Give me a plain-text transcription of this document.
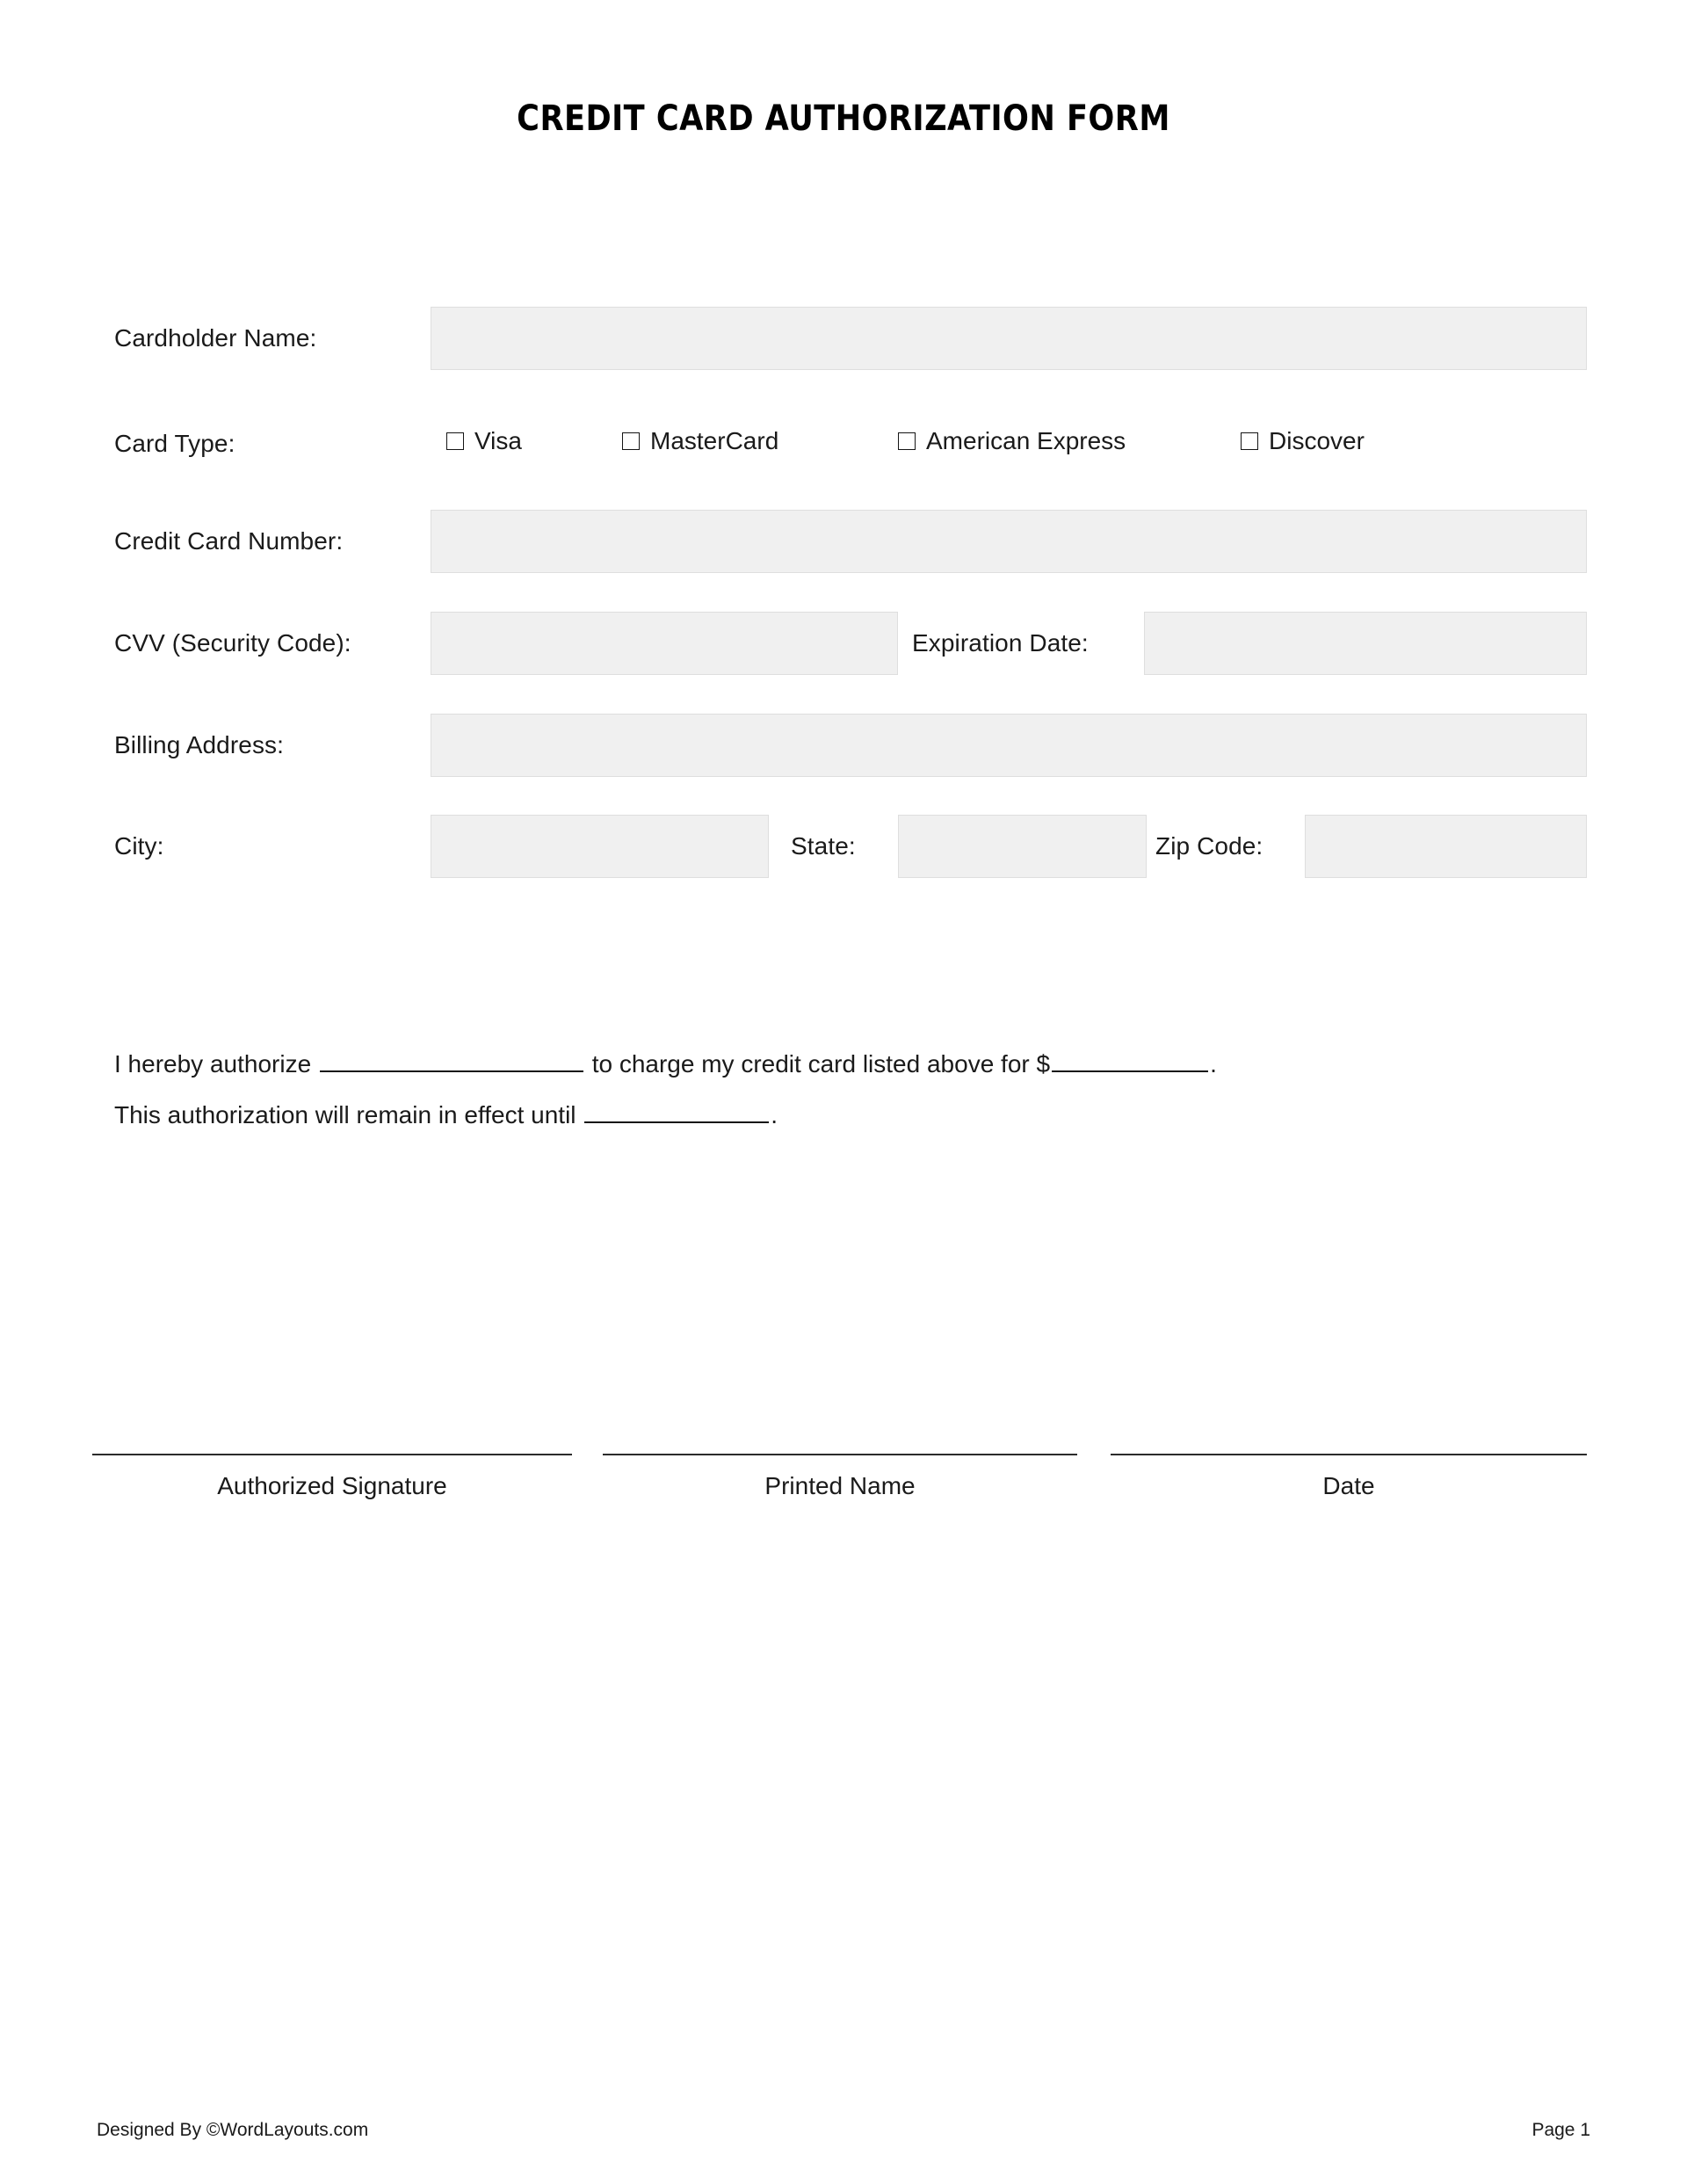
CREDIT CARD AUTHORIZATION FORM
Cardholder Name:
Card Type:	Visa	MasterCard	American Express	Discover
Credit Card Number:
CVV (Security Code):	Expiration Date:
Billing Address:
City:	State:	Zip Code:
I hereby authorize	to charge my credit card listed above for $	.
This authorization will remain in effect until	.
Authorized Signature	Printed Name	Date
Designed By ©WordLayouts.com	Page 1
